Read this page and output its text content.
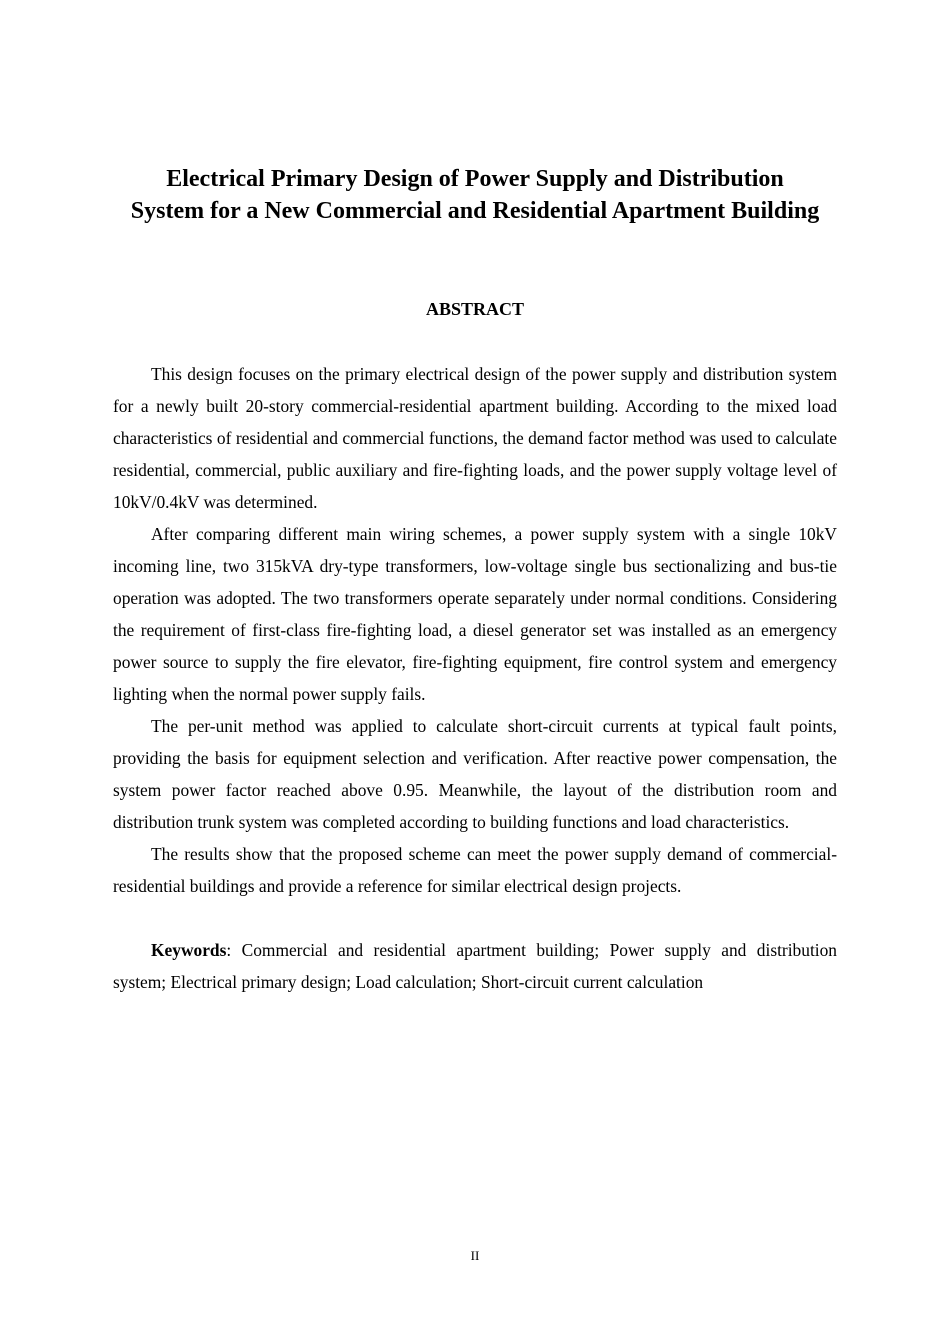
Electrical Primary Design of Power Supply and Distribution System for a New Commercial and Residential Apartment Building
ABSTRACT

This design focuses on the primary electrical design of the power supply and distribution system for a newly built 20-story commercial-residential apartment building. According to the mixed load characteristics of residential and commercial functions, the demand factor method was used to calculate residential, commercial, public auxiliary and fire-fighting loads, and the power supply voltage level of 10kV/0.4kV was determined.

After comparing different main wiring schemes, a power supply system with a single 10kV incoming line, two 315kVA dry-type transformers, low-voltage single bus sectionalizing and bus-tie operation was adopted. The two transformers operate separately under normal conditions. Considering the requirement of first-class fire-fighting load, a diesel generator set was installed as an emergency power source to supply the fire elevator, fire-fighting equipment, fire control system and emergency lighting when the normal power supply fails.

The per-unit method was applied to calculate short-circuit currents at typical fault points, providing the basis for equipment selection and verification. After reactive power compensation, the system power factor reached above 0.95. Meanwhile, the layout of the distribution room and distribution trunk system was completed according to building functions and load characteristics.

The results show that the proposed scheme can meet the power supply demand of commercial-residential buildings and provide a reference for similar electrical design projects.

Keywords: Commercial and residential apartment building; Power supply and distribution system; Electrical primary design; Load calculation; Short-circuit current calculation

II
